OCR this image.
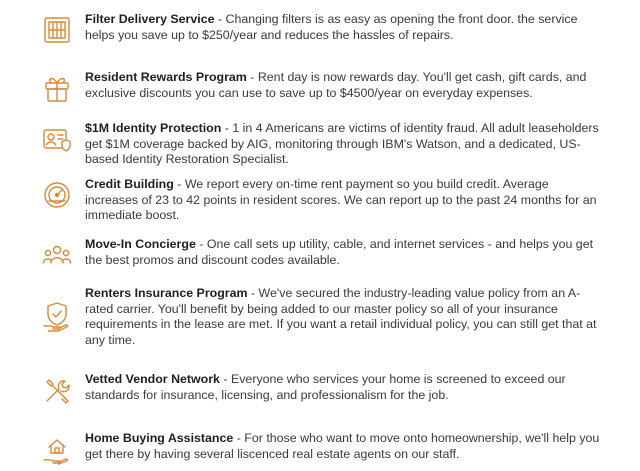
Filter Delivery Service - Changing filters is as easy as opening the front door. the service helps you save up to $250/year and reduces the hassles of repairs.
Resident Rewards Program - Rent day is now rewards day. You'll get cash, gift cards, and exclusive discounts you can use to save up to $4500/year on everyday expenses.
$1M Identity Protection - 1 in 4 Americans are victims of identity fraud. All adult leaseholders get $1M coverage backed by AIG, monitoring through IBM's Watson, and a dedicated, US-based Identity Restoration Specialist.
Credit Building - We report every on-time rent payment so you build credit. Average increases of 23 to 42 points in resident scores. We can report up to the past 24 months for an immediate boost.
Move-In Concierge - One call sets up utility, cable, and internet services - and helps you get the best promos and discount codes available.
Renters Insurance Program - We've secured the industry-leading value policy from an A-rated carrier. You'll benefit by being added to our master policy so all of your insurance requirements in the lease are met. If you want a retail individual policy, you can still get that at any time.
Vetted Vendor Network - Everyone who services your home is screened to exceed our standards for insurance, licensing, and professionalism for the job.
Home Buying Assistance - For those who want to move onto homeownership, we'll help you get there by having several liscenced real estate agents on our staff.
